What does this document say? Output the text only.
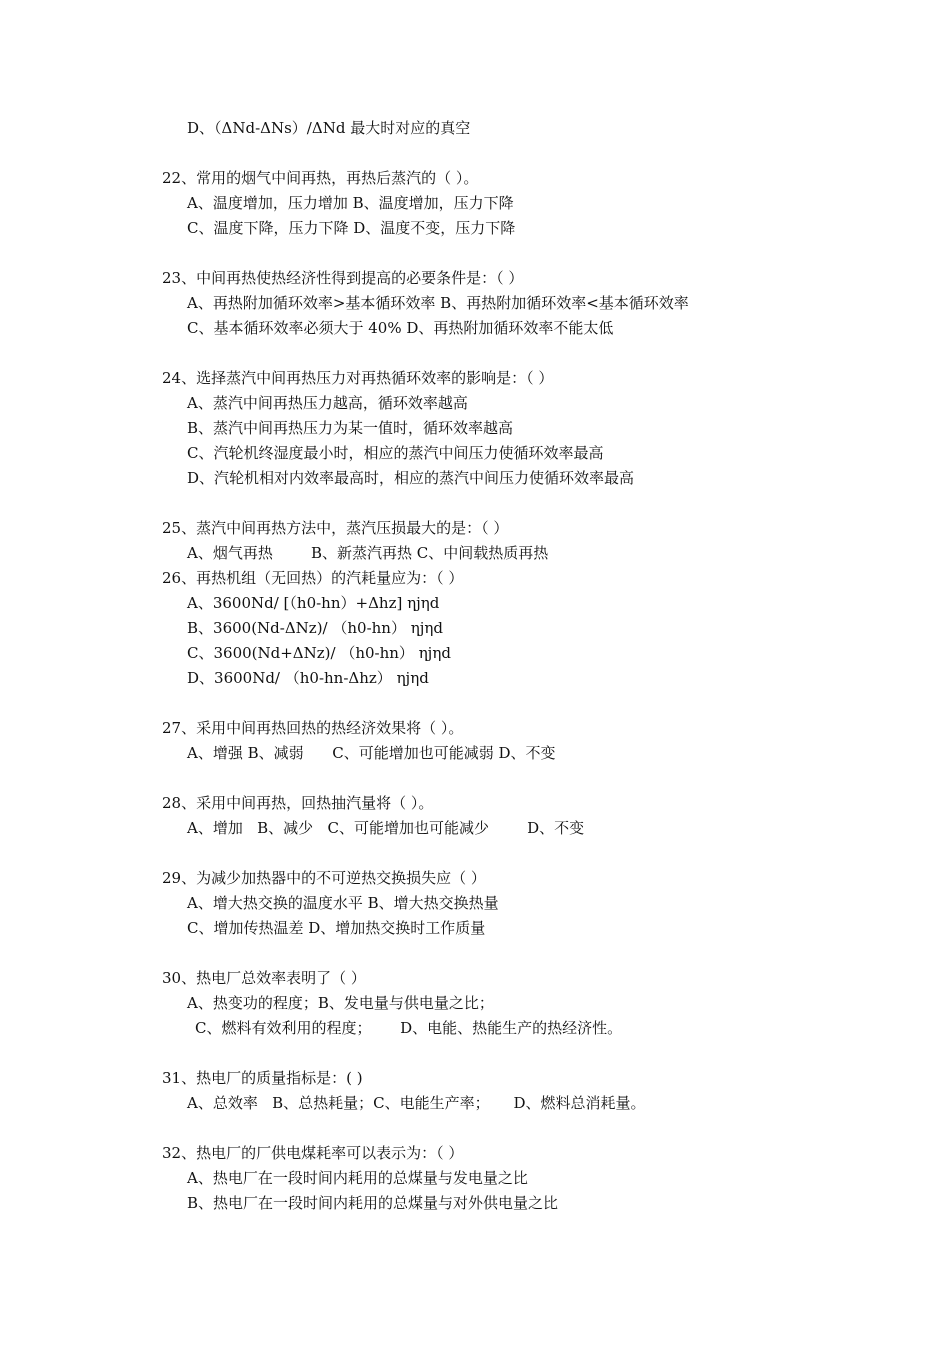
D、（ΔNd-ΔNs）/ΔNd 最大时对应的真空
22、常用的烟气中间再热，再热后蒸汽的（ ）。
A、温度增加，压力增加 B、温度增加，压力下降
C、温度下降，压力下降 D、温度不变，压力下降
23、中间再热使热经济性得到提高的必要条件是：（ ）
A、再热附加循环效率>基本循环效率 B、再热附加循环效率<基本循环效率
C、基本循环效率必须大于 40% D、再热附加循环效率不能太低
24、选择蒸汽中间再热压力对再热循环效率的影响是：（ ）
A、蒸汽中间再热压力越高，循环效率越高
B、蒸汽中间再热压力为某一值时，循环效率越高
C、汽轮机终湿度最小时，相应的蒸汽中间压力使循环效率最高
D、汽轮机相对内效率最高时，相应的蒸汽中间压力使循环效率最高
25、蒸汽中间再热方法中，蒸汽压损最大的是：（ ）
A、烟气再热        B、新蒸汽再热 C、中间载热质再热
26、再热机组（无回热）的汽耗量应为：（ ）
A、3600Nd/ [（h0-hn）+Δhz] ηjηd
B、3600(Nd-ΔNz)/ （h0-hn） ηjηd
C、3600(Nd+ΔNz)/ （h0-hn） ηjηd
D、3600Nd/ （h0-hn-Δhz） ηjηd
27、采用中间再热回热的热经济效果将（ ）。
A、增强 B、减弱      C、可能增加也可能减弱 D、不变
28、采用中间再热，回热抽汽量将（ ）。
A、增加   B、减少   C、可能增加也可能减少        D、不变
29、为减少加热器中的不可逆热交换损失应（ ）
A、增大热交换的温度水平 B、增大热交换热量
C、增加传热温差 D、增加热交换时工作质量
30、热电厂总效率表明了（ ）
A、热变功的程度；B、发电量与供电量之比；
C、燃料有效利用的程度；      D、电能、热能生产的热经济性。
31、热电厂的质量指标是：( )
A、总效率   B、总热耗量；C、电能生产率；     D、燃料总消耗量。
32、热电厂的厂供电煤耗率可以表示为：（ ）
A、热电厂在一段时间内耗用的总煤量与发电量之比
B、热电厂在一段时间内耗用的总煤量与对外供电量之比
